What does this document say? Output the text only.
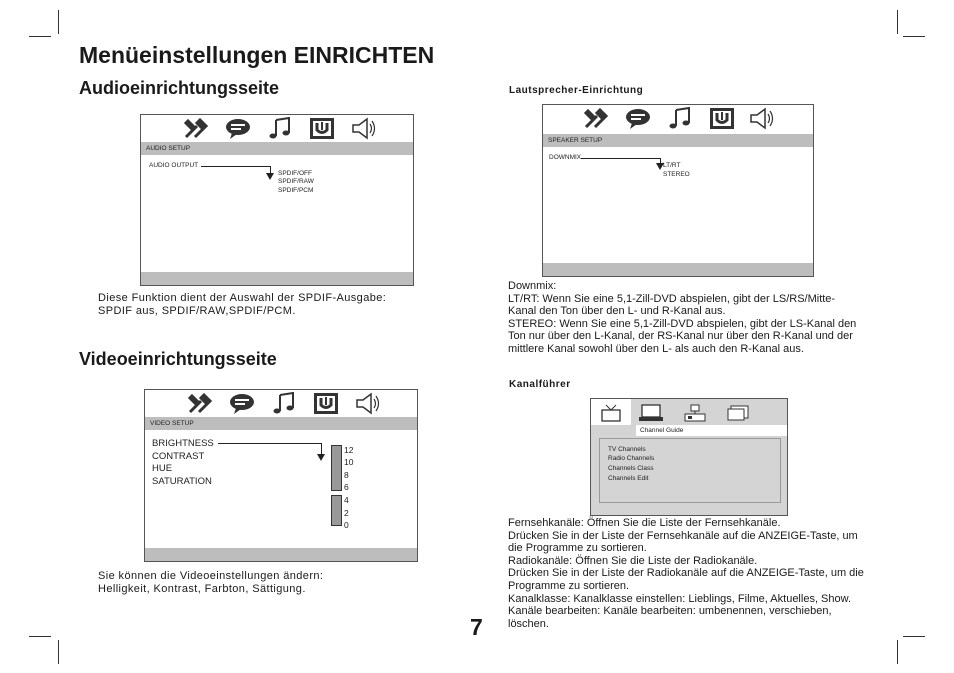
Menüeinstellungen EINRICHTEN
Audioeinrichtungsseite
AUDIO SETUP
AUDIO OUTPUT
SPDIF/OFF
SPDIF/RAW
SPDIF/PCM
Diese Funktion dient der Auswahl der SPDIF-Ausgabe:
SPDIF aus, SPDIF/RAW,SPDIF/PCM.
Videoeinrichtungsseite
VIDEO SETUP
BRIGHTNESS
CONTRAST
HUE
SATURATION
12
10
8
6
4
2
0
Sie können die Videoeinstellungen ändern:
Helligkeit, Kontrast, Farbton, Sättigung.
Lautsprecher-Einrichtung
SPEAKER SETUP
DOWNMIX
LT/RT
STEREO
Downmix:
LT/RT: Wenn Sie eine 5,1-Zill-DVD abspielen, gibt der LS/RS/Mitte-
Kanal den Ton über den L- und R-Kanal aus.
STEREO: Wenn Sie eine 5,1-Zill-DVD abspielen, gibt der LS-Kanal den
Ton nur über den L-Kanal, der RS-Kanal nur über den R-Kanal und der
mittlere Kanal sowohl über den L- als auch den R-Kanal aus.
Kanalführer
Channel Guide
TV Channels
Radio Channels
Channels Class
Channels Edit
Fernsehkanäle: Öffnen Sie die Liste der Fernsehkanäle.
Drücken Sie in der Liste der Fernsehkanäle auf die ANZEIGE-Taste, um
die Programme zu sortieren.
Radiokanäle: Öffnen Sie die Liste der Radiokanäle.
Drücken Sie in der Liste der Radiokanäle auf die ANZEIGE-Taste, um die
Programme zu sortieren.
Kanalklasse: Kanalklasse einstellen: Lieblings, Filme, Aktuelles, Show.
Kanäle bearbeiten: Kanäle bearbeiten: umbenennen, verschieben,
löschen.
7
